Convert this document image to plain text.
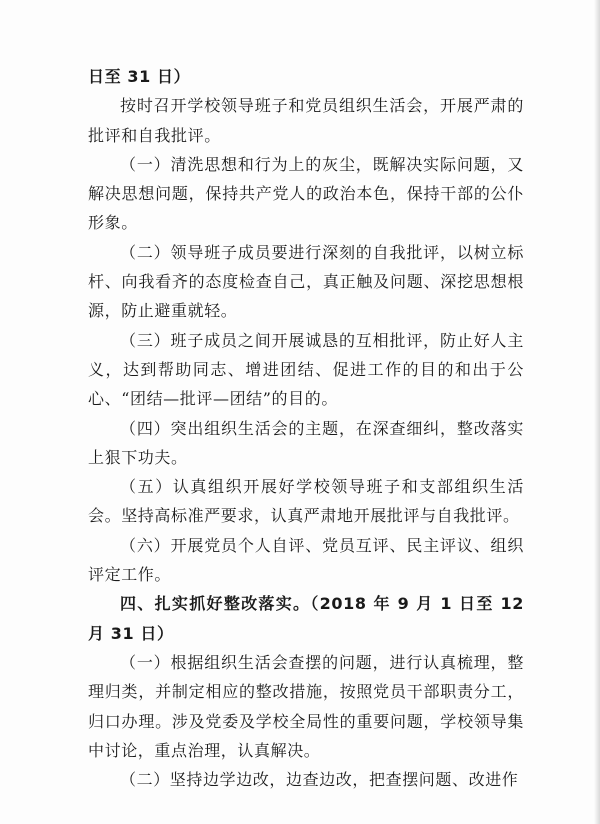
日至 31 日）

按时召开学校领导班子和党员组织生活会，开展严肃的批评和自我批评。

（一）清洗思想和行为上的灰尘，既解决实际问题，又解决思想问题，保持共产党人的政治本色，保持干部的公仆形象。

（二）领导班子成员要进行深刻的自我批评，以树立标杆、向我看齐的态度检查自己，真正触及问题、深挖思想根源，防止避重就轻。

（三）班子成员之间开展诚恳的互相批评，防止好人主义，达到帮助同志、增进团结、促进工作的目的和出于公心、“团结—批评—团结”的目的。

（四）突出组织生活会的主题，在深查细纠，整改落实上狠下功夫。

（五）认真组织开展好学校领导班子和支部组织生活会。坚持高标准严要求，认真严肃地开展批评与自我批评。

（六）开展党员个人自评、党员互评、民主评议、组织评定工作。

四、扎实抓好整改落实。（2018 年 9 月 1 日至 12 月 31 日）

（一）根据组织生活会查摆的问题，进行认真梳理，整理归类，并制定相应的整改措施，按照党员干部职责分工，归口办理。涉及党委及学校全局性的重要问题，学校领导集中讨论，重点治理，认真解决。

（二）坚持边学边改，边查边改，把查摆问题、改进作
